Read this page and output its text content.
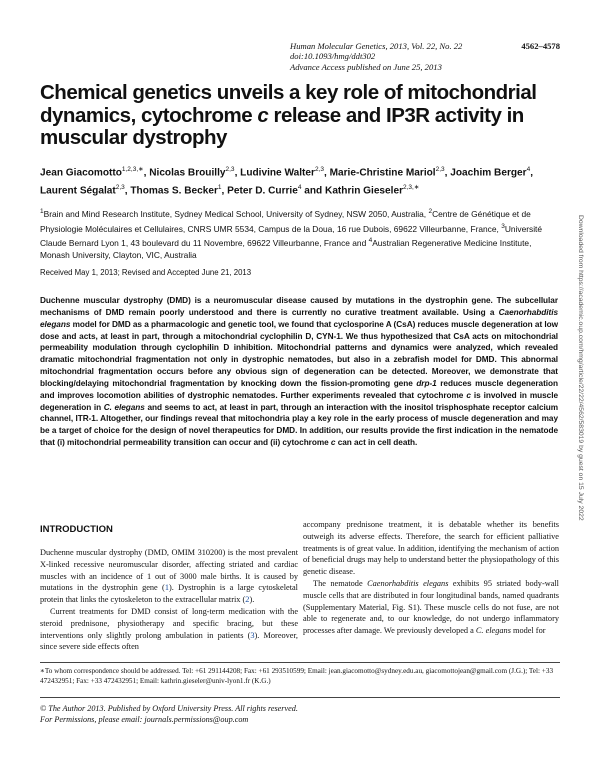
Human Molecular Genetics, 2013, Vol. 22, No. 22	4562–4578
doi:10.1093/hmg/ddt302
Advance Access published on June 25, 2013
Downloaded from https://academic.oup.com/hmg/article/22/22/4562/583019 by guest on 15 July 2022
Chemical genetics unveils a key role of mitochondrial dynamics, cytochrome c release and IP3R activity in muscular dystrophy
Jean Giacomotto$^{1,2,3,∗}$, Nicolas Brouilly$^{2,3}$, Ludivine Walter$^{2,3}$, Marie-Christine Mariol$^{2,3}$, Joachim Berger$^4$, Laurent Ségalat$^{2,3}$, Thomas S. Becker$^1$, Peter D. Currie$^4$ and Kathrin Gieseler$^{2,3,∗}$
$^1$Brain and Mind Research Institute, Sydney Medical School, University of Sydney, NSW 2050, Australia, $^2$Centre de Génétique et de Physiologie Moléculaires et Cellulaires, CNRS UMR 5534, Campus de la Doua, 16 rue Dubois, 69622 Villeurbanne, France, $^3$Université Claude Bernard Lyon 1, 43 boulevard du 11 Novembre, 69622 Villeurbanne, France and $^4$Australian Regenerative Medicine Institute, Monash University, Clayton, VIC, Australia
Received May 1, 2013; Revised and Accepted June 21, 2013
Duchenne muscular dystrophy (DMD) is a neuromuscular disease caused by mutations in the dystrophin gene. The subcellular mechanisms of DMD remain poorly understood and there is currently no curative treatment available. Using a Caenorhabditis elegans model for DMD as a pharmacologic and genetic tool, we found that cyclosporine A (CsA) reduces muscle degeneration at low dose and acts, at least in part, through a mitochondrial cyclophilin D, CYN-1. We thus hypothesized that CsA acts on mitochondrial permeability modulation through cyclophilin D inhibition. Mitochondrial patterns and dynamics were analyzed, which revealed dramatic mitochondrial fragmentation not only in dystrophic nematodes, but also in a zebrafish model for DMD. This abnormal mitochondrial fragmentation occurs before any obvious sign of degeneration can be detected. Moreover, we demonstrate that blocking/delaying mitochondrial fragmentation by knocking down the fission-promoting gene drp-1 reduces muscle degeneration and improves locomotion abilities of dystrophic nematodes. Further experiments revealed that cytochrome c is involved in muscle degeneration in C. elegans and seems to act, at least in part, through an interaction with the inositol trisphosphate receptor calcium channel, ITR-1. Altogether, our findings reveal that mitochondria play a key role in the early process of muscle degeneration and may be a target of choice for the design of novel therapeutics for DMD. In addition, our results provide the first indication in the nematode that (i) mitochondrial permeability transition can occur and (ii) cytochrome c can act in cell death.
INTRODUCTION

Duchenne muscular dystrophy (DMD, OMIM 310200) is the most prevalent X-linked recessive neuromuscular disorder, affecting striated and cardiac muscles with an incidence of 1 out of 3000 male births. It is caused by mutations in the dystrophin gene (1). Dystrophin is a large cytoskeletal protein that links the cytoskeleton to the extracellular matrix (2).

Current treatments for DMD consist of long-term medication with the steroid prednisone, physiotherapy and specific bracing, but these interventions only slightly prolong ambulation in patients (3). Moreover, since severe side effects often

accompany prednisone treatment, it is debatable whether its benefits outweigh its adverse effects. Therefore, the search for efficient palliative treatments is of great value. In addition, identifying the mechanism of action of beneficial drugs may help to understand better the physiopathology of this genetic disease.

The nematode Caenorhabditis elegans exhibits 95 striated body-wall muscle cells that are distributed in four longitudinal bands, named quadrants (Supplementary Material, Fig. S1). These muscle cells do not fuse, are not able to regenerate and, to our knowledge, do not undergo inflammatory processes after damage. We previously developed a C. elegans model for

∗To whom correspondence should be addressed. Tel: +61 291144208; Fax: +61 293510599; Email: jean.giacomotto@sydney.edu.au, giacomottojean@gmail.com (J.G.); Tel: +33 472432951; Fax: +33 472432951; Email: kathrin.gieseler@univ-lyon1.fr (K.G.)
© The Author 2013. Published by Oxford University Press. All rights reserved.
For Permissions, please email: journals.permissions@oup.com
